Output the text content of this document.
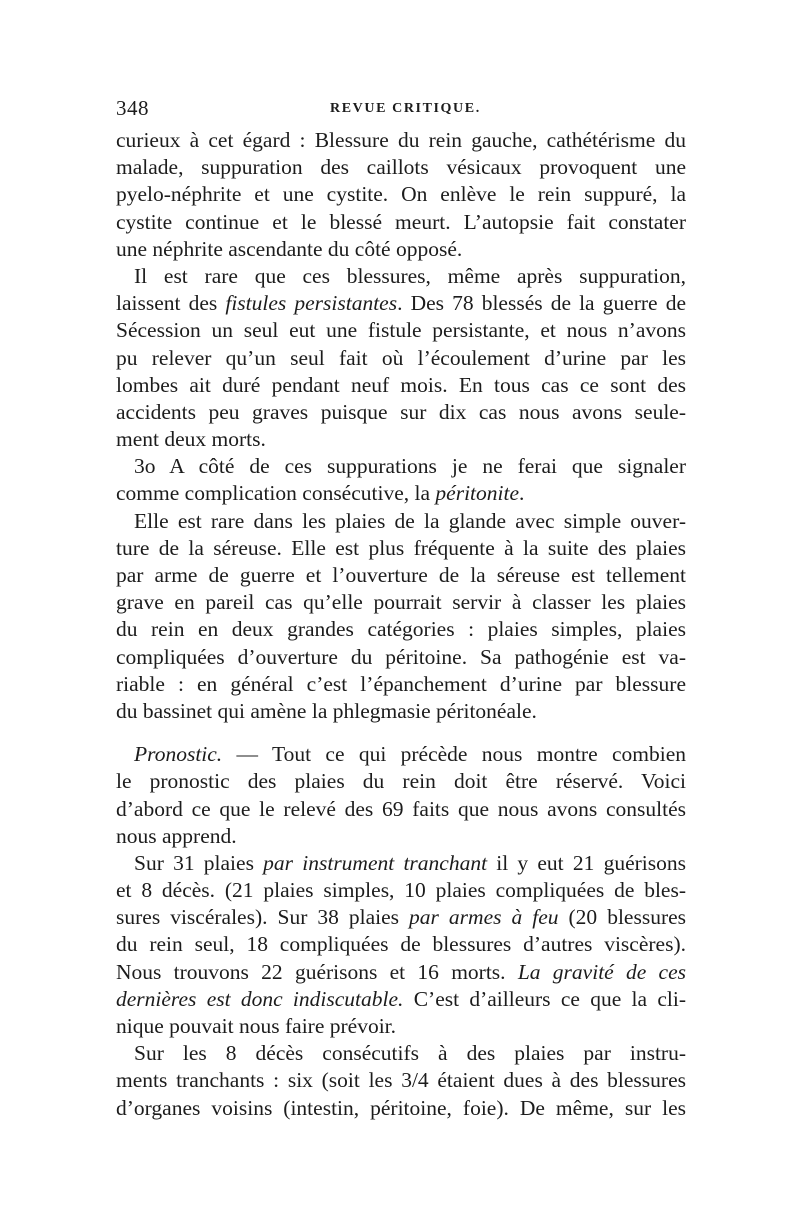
348	REVUE CRITIQUE.
curieux à cet égard : Blessure du rein gauche, cathétérisme du
malade, suppuration des caillots vésicaux provoquent une
pyelo-néphrite et une cystite. On enlève le rein suppuré, la
cystite continue et le blessé meurt. L’autopsie fait constater
une néphrite ascendante du côté opposé.
Il est rare que ces blessures, même après suppuration,
laissent des fistules persistantes. Des 78 blessés de la guerre de
Sécession un seul eut une fistule persistante, et nous n’avons
pu relever qu’un seul fait où l’écoulement d’urine par les
lombes ait duré pendant neuf mois. En tous cas ce sont des
accidents peu graves puisque sur dix cas nous avons seule-
ment deux morts.
3o A côté de ces suppurations je ne ferai que signaler
comme complication consécutive, la péritonite.
Elle est rare dans les plaies de la glande avec simple ouver-
ture de la séreuse. Elle est plus fréquente à la suite des plaies
par arme de guerre et l’ouverture de la séreuse est tellement
grave en pareil cas qu’elle pourrait servir à classer les plaies
du rein en deux grandes catégories : plaies simples, plaies
compliquées d’ouverture du péritoine. Sa pathogénie est va-
riable : en général c’est l’épanchement d’urine par blessure
du bassinet qui amène la phlegmasie péritonéale.
Pronostic. — Tout ce qui précède nous montre combien
le pronostic des plaies du rein doit être réservé. Voici
d’abord ce que le relevé des 69 faits que nous avons consultés
nous apprend.
Sur 31 plaies par instrument tranchant il y eut 21 guérisons
et 8 décès. (21 plaies simples, 10 plaies compliquées de bles-
sures viscérales). Sur 38 plaies par armes à feu (20 blessures
du rein seul, 18 compliquées de blessures d’autres viscères).
Nous trouvons 22 guérisons et 16 morts. La gravité de ces
dernières est donc indiscutable. C’est d’ailleurs ce que la cli-
nique pouvait nous faire prévoir.
Sur les 8 décès consécutifs à des plaies par instru-
ments tranchants : six (soit les 3/4 étaient dues à des blessures
d’organes voisins (intestin, péritoine, foie). De même, sur les
